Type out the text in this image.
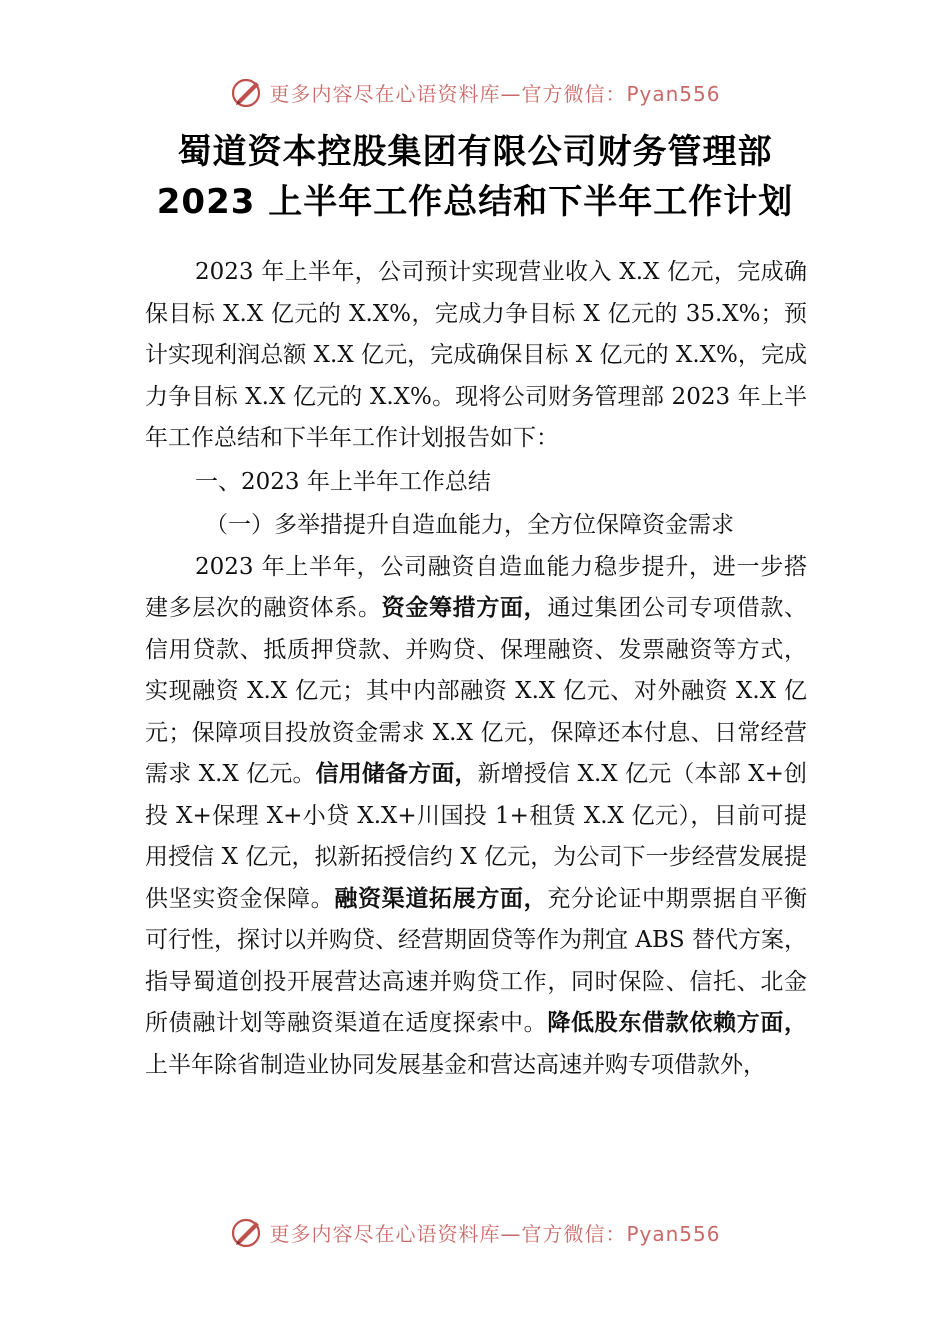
更多内容尽在心语资料库—官方微信：Pyan556
蜀道资本控股集团有限公司财务管理部
2023 上半年工作总结和下半年工作计划

2023 年上半年，公司预计实现营业收入 X.X 亿元，完成确保目标 X.X 亿元的 X.X%，完成力争目标 X 亿元的 35.X%；预计实现利润总额 X.X 亿元，完成确保目标 X 亿元的 X.X%，完成力争目标 X.X 亿元的 X.X%。现将公司财务管理部 2023 年上半年工作总结和下半年工作计划报告如下：

一、2023 年上半年工作总结

（一）多举措提升自造血能力，全方位保障资金需求

2023 年上半年，公司融资自造血能力稳步提升，进一步搭建多层次的融资体系。资金筹措方面，通过集团公司专项借款、信用贷款、抵质押贷款、并购贷、保理融资、发票融资等方式，实现融资 X.X 亿元；其中内部融资 X.X 亿元、对外融资 X.X 亿元；保障项目投放资金需求 X.X 亿元，保障还本付息、日常经营需求 X.X 亿元。信用储备方面，新增授信 X.X 亿元（本部 X+创投 X+保理 X+小贷 X.X+川国投 1+租赁 X.X 亿元），目前可提用授信 X 亿元，拟新拓授信约 X 亿元，为公司下一步经营发展提供坚实资金保障。融资渠道拓展方面，充分论证中期票据自平衡可行性，探讨以并购贷、经营期固贷等作为荆宜 ABS 替代方案，指导蜀道创投开展营达高速并购贷工作，同时保险、信托、北金所债融计划等融资渠道在适度探索中。降低股东借款依赖方面，上半年除省制造业协同发展基金和营达高速并购专项借款外，

更多内容尽在心语资料库—官方微信：Pyan556
